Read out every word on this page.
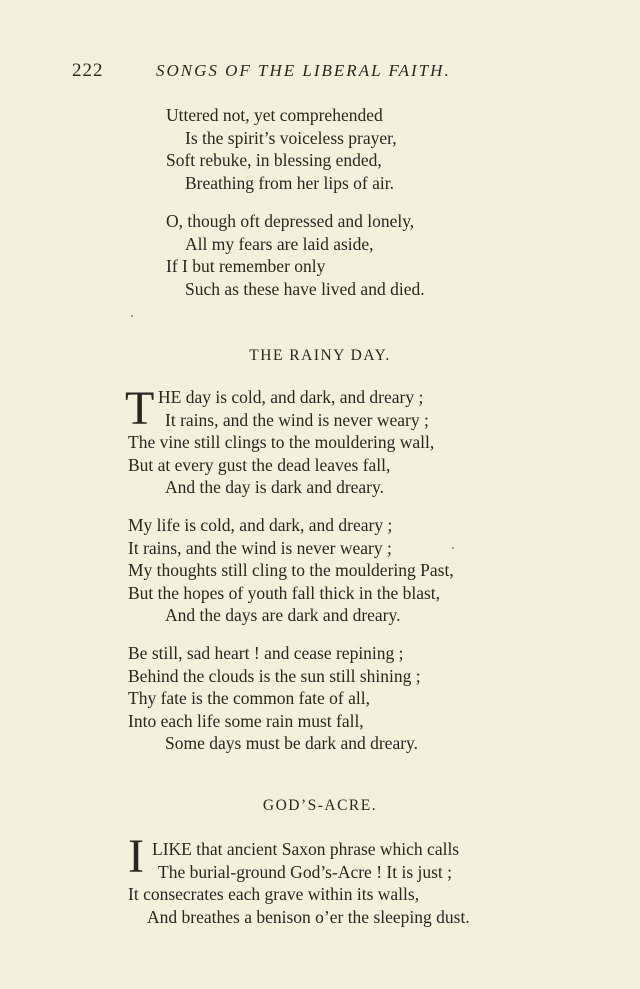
222	SONGS OF THE LIBERAL FAITH.
Uttered not, yet comprehended
Is the spirit’s voiceless prayer,
Soft rebuke, in blessing ended,
Breathing from her lips of air.
O, though oft depressed and lonely,
All my fears are laid aside,
If I but remember only
Such as these have lived and died.
THE RAINY DAY.
T HE day is cold, and dark, and dreary ;
It rains, and the wind is never weary ;
The vine still clings to the mouldering wall,
But at every gust the dead leaves fall,
And the day is dark and dreary.
My life is cold, and dark, and dreary ;
It rains, and the wind is never weary ;
My thoughts still cling to the mouldering Past,
But the hopes of youth fall thick in the blast,
And the days are dark and dreary.
Be still, sad heart ! and cease repining ;
Behind the clouds is the sun still shining ;
Thy fate is the common fate of all,
Into each life some rain must fall,
Some days must be dark and dreary.
GOD’S-ACRE.
I LIKE that ancient Saxon phrase which calls
The burial-ground God’s-Acre ! It is just ;
It consecrates each grave within its walls,
And breathes a benison o’er the sleeping dust.
